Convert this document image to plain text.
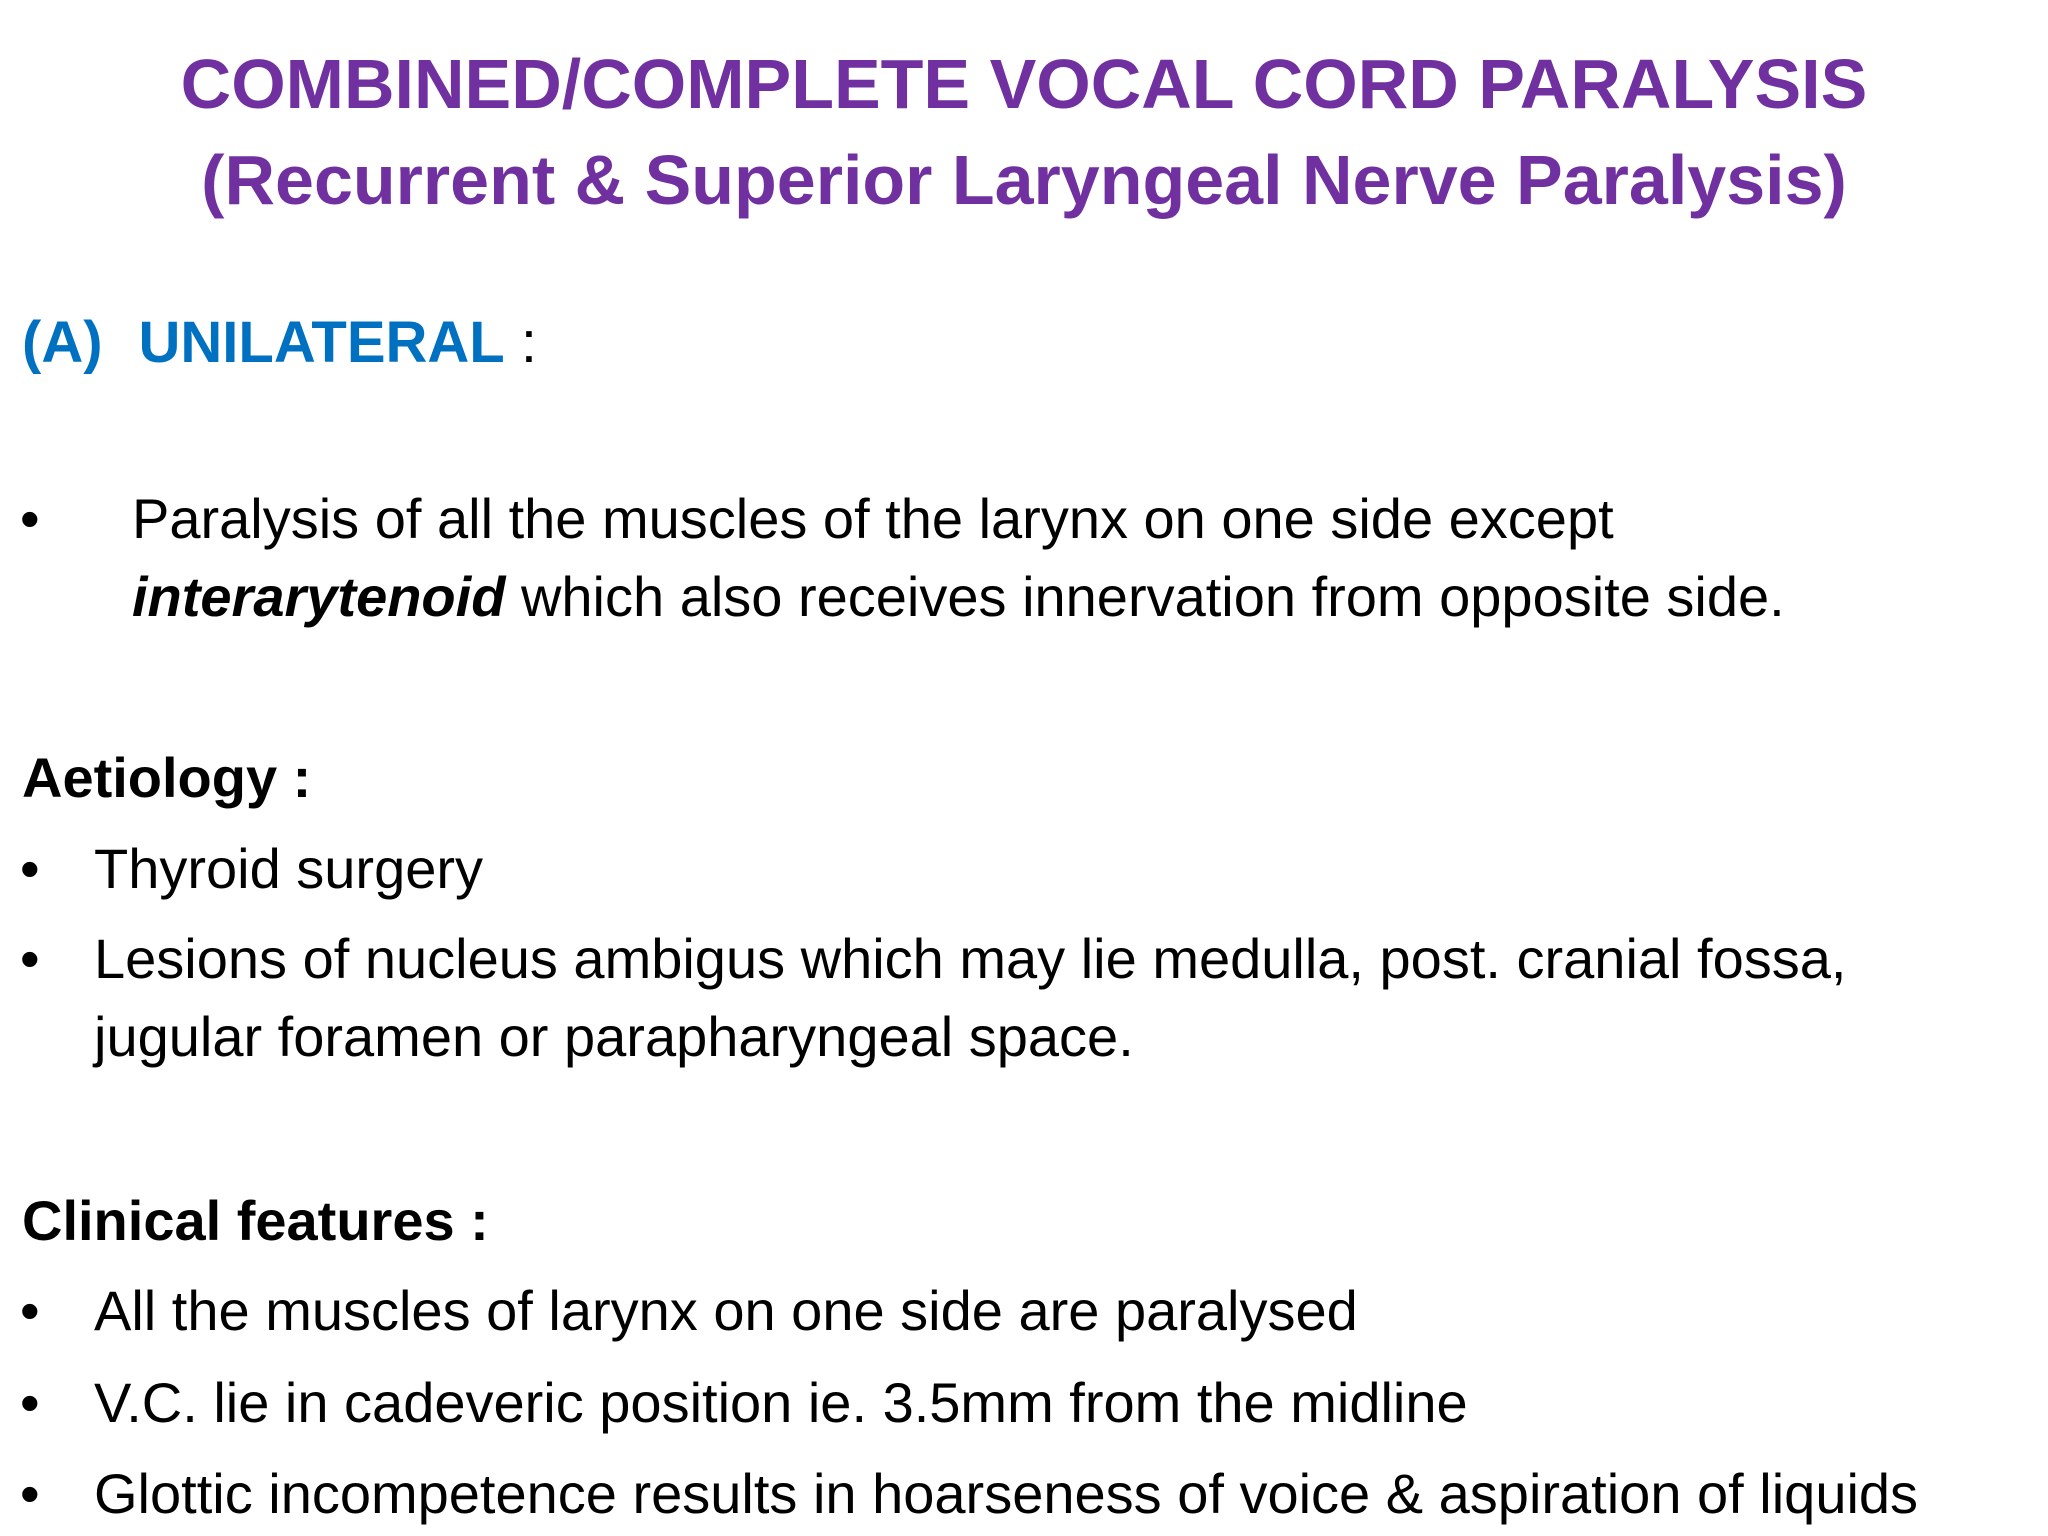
COMBINED/COMPLETE VOCAL CORD PARALYSIS
(Recurrent & Superior Laryngeal Nerve Paralysis)
(A) UNILATERAL :
• Paralysis of all the muscles of the larynx on one side except
interarytenoid which also receives innervation from opposite side.
Aetiology :
• Thyroid surgery
• Lesions of nucleus ambigus which may lie medulla, post. cranial fossa,
jugular foramen or parapharyngeal space.
Clinical features :
• All the muscles of larynx on one side are paralysed
• V.C. lie in cadeveric position ie. 3.5mm from the midline
• Glottic incompetence results in hoarseness of voice & aspiration of liquids
